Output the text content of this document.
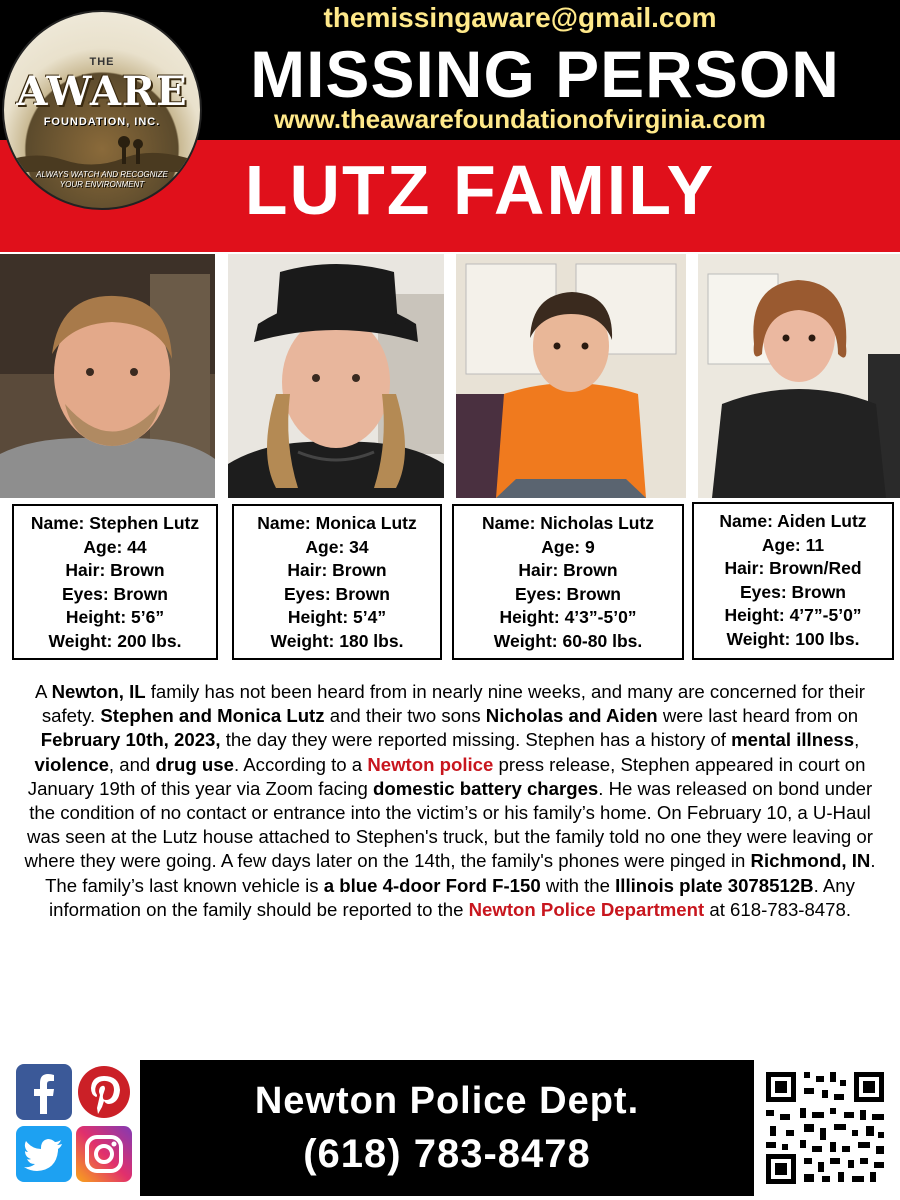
THE
AWARE
FOUNDATION, INC.
ALWAYS WATCH AND RECOGNIZE YOUR ENVIRONMENT
themissingaware@gmail.com
MISSING PERSON
www.theawarefoundationofvirginia.com
LUTZ FAMILY
Name: Stephen Lutz
Age: 44
Hair: Brown
Eyes: Brown
Height: 5’6”
Weight: 200 lbs.
Name: Monica Lutz
Age: 34
Hair: Brown
Eyes: Brown
Height: 5’4”
Weight: 180 lbs.
Name: Nicholas Lutz
Age: 9
Hair: Brown
Eyes: Brown
Height: 4’3”-5’0”
Weight: 60-80 lbs.
Name: Aiden Lutz
Age: 11
Hair: Brown/Red
Eyes: Brown
Height: 4’7”-5’0”
Weight: 100 lbs.
A Newton, IL family has not been heard from in nearly nine weeks, and many are concerned for their safety. Stephen and Monica Lutz and their two sons Nicholas and Aiden were last heard from on February 10th, 2023, the day they were reported missing. Stephen has a history of mental illness, violence, and drug use. According to a Newton police press release, Stephen appeared in court on January 19th of this year via Zoom facing domestic battery charges. He was released on bond under the condition of no contact or entrance into the victim’s or his family’s home. On February 10, a U-Haul was seen at the Lutz house attached to Stephen's truck, but the family told no one they were leaving or where they were going. A few days later on the 14th, the family's phones were pinged in Richmond, IN. The family’s last known vehicle is a blue 4-door Ford F-150 with the Illinois plate 3078512B. Any information on the family should be reported to the Newton Police Department at 618-783-8478.
Newton Police Dept.
(618) 783-8478
